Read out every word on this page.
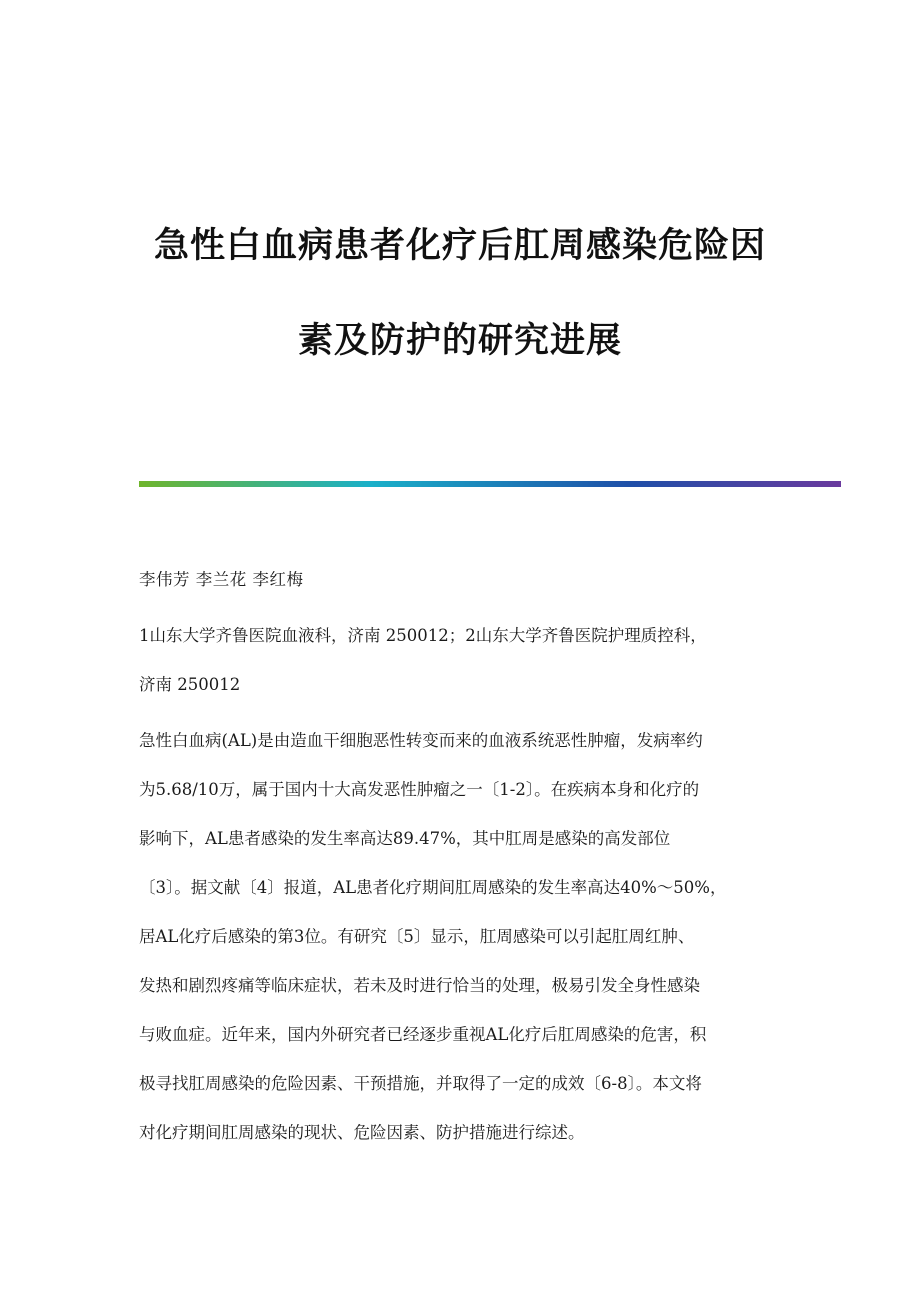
急性白血病患者化疗后肛周感染危险因
素及防护的研究进展
李伟芳 李兰花 李红梅
1山东大学齐鲁医院血液科，济南 250012；2山东大学齐鲁医院护理质控科，
济南 250012
急性白血病(AL)是由造血干细胞恶性转变而来的血液系统恶性肿瘤，发病率约
为5.68/10万，属于国内十大高发恶性肿瘤之一〔1-2〕。在疾病本身和化疗的
影响下，AL患者感染的发生率高达89.47%，其中肛周是感染的高发部位
〔3〕。据文献〔4〕报道，AL患者化疗期间肛周感染的发生率高达40%～50%，
居AL化疗后感染的第3位。有研究〔5〕显示，肛周感染可以引起肛周红肿、
发热和剧烈疼痛等临床症状，若未及时进行恰当的处理，极易引发全身性感染
与败血症。近年来，国内外研究者已经逐步重视AL化疗后肛周感染的危害，积
极寻找肛周感染的危险因素、干预措施，并取得了一定的成效〔6-8〕。本文将
对化疗期间肛周感染的现状、危险因素、防护措施进行综述。
